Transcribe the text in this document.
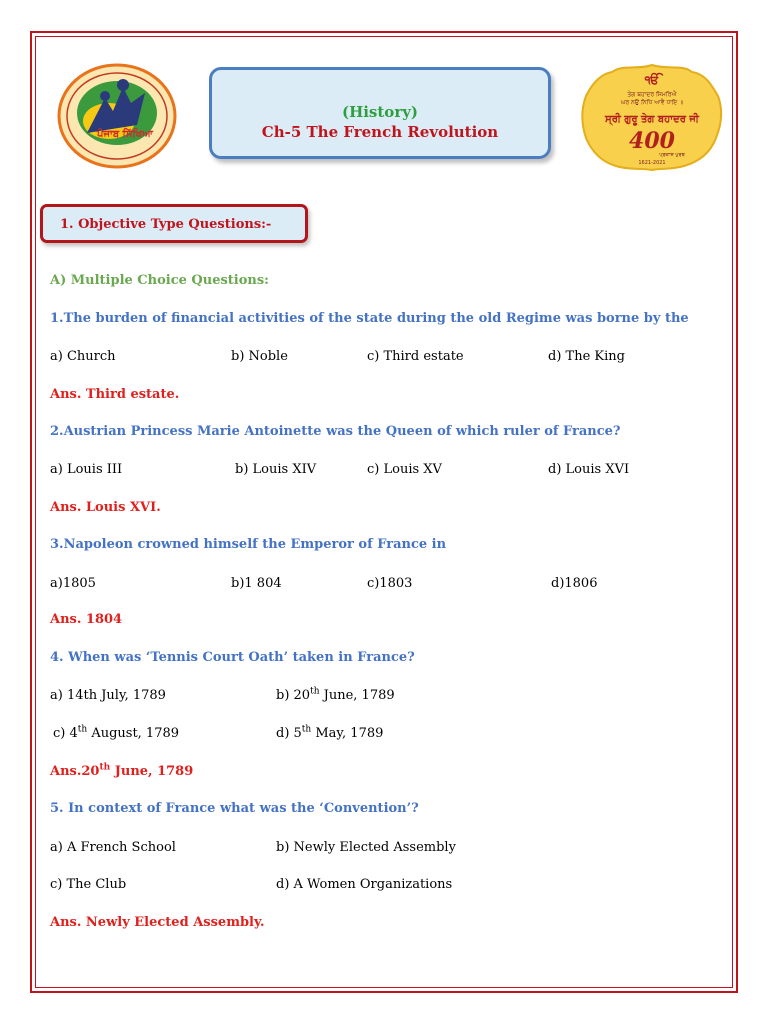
ਪੰਜਾਬ ਸਿੱਖਿਆ
(History)
Ch-5 The French Revolution
ੴ
ਤੇਗ ਬਹਾਦਰ ਸਿਮਰਿਐ
ਘਰ ਨਉ ਨਿਧਿ ਆਵੈ ਧਾਇ ॥
ਸ੍ਰੀ ਗੁਰੂ ਤੇਗ ਬਹਾਦਰ ਜੀ
400
ਪ੍ਰਕਾਸ਼ ਪੁਰਬ
1621-2021
1. Objective Type Questions:-
A) Multiple Choice Questions:
1.The burden of financial activities of the state during the old Regime was borne by the
a) Church	b) Noble	c) Third estate	d) The King
Ans. Third estate.
2.Austrian Princess Marie Antoinette was the Queen of which ruler of France?
a) Louis III	b) Louis XIV	c) Louis XV	d) Louis XVI
Ans. Louis XVI.
3.Napoleon crowned himself the Emperor of France in
a)1805	b)1 804	c)1803	d)1806
Ans. 1804
4. When was ‘Tennis Court Oath’ taken in France?
a) 14th July, 1789	b) 20th June, 1789
c) 4th August, 1789	d) 5th May, 1789
Ans.20th June, 1789
5. In context of France what was the ‘Convention’?
a) A French School	b) Newly Elected Assembly
c) The Club	d) A Women Organizations
Ans. Newly Elected Assembly.
